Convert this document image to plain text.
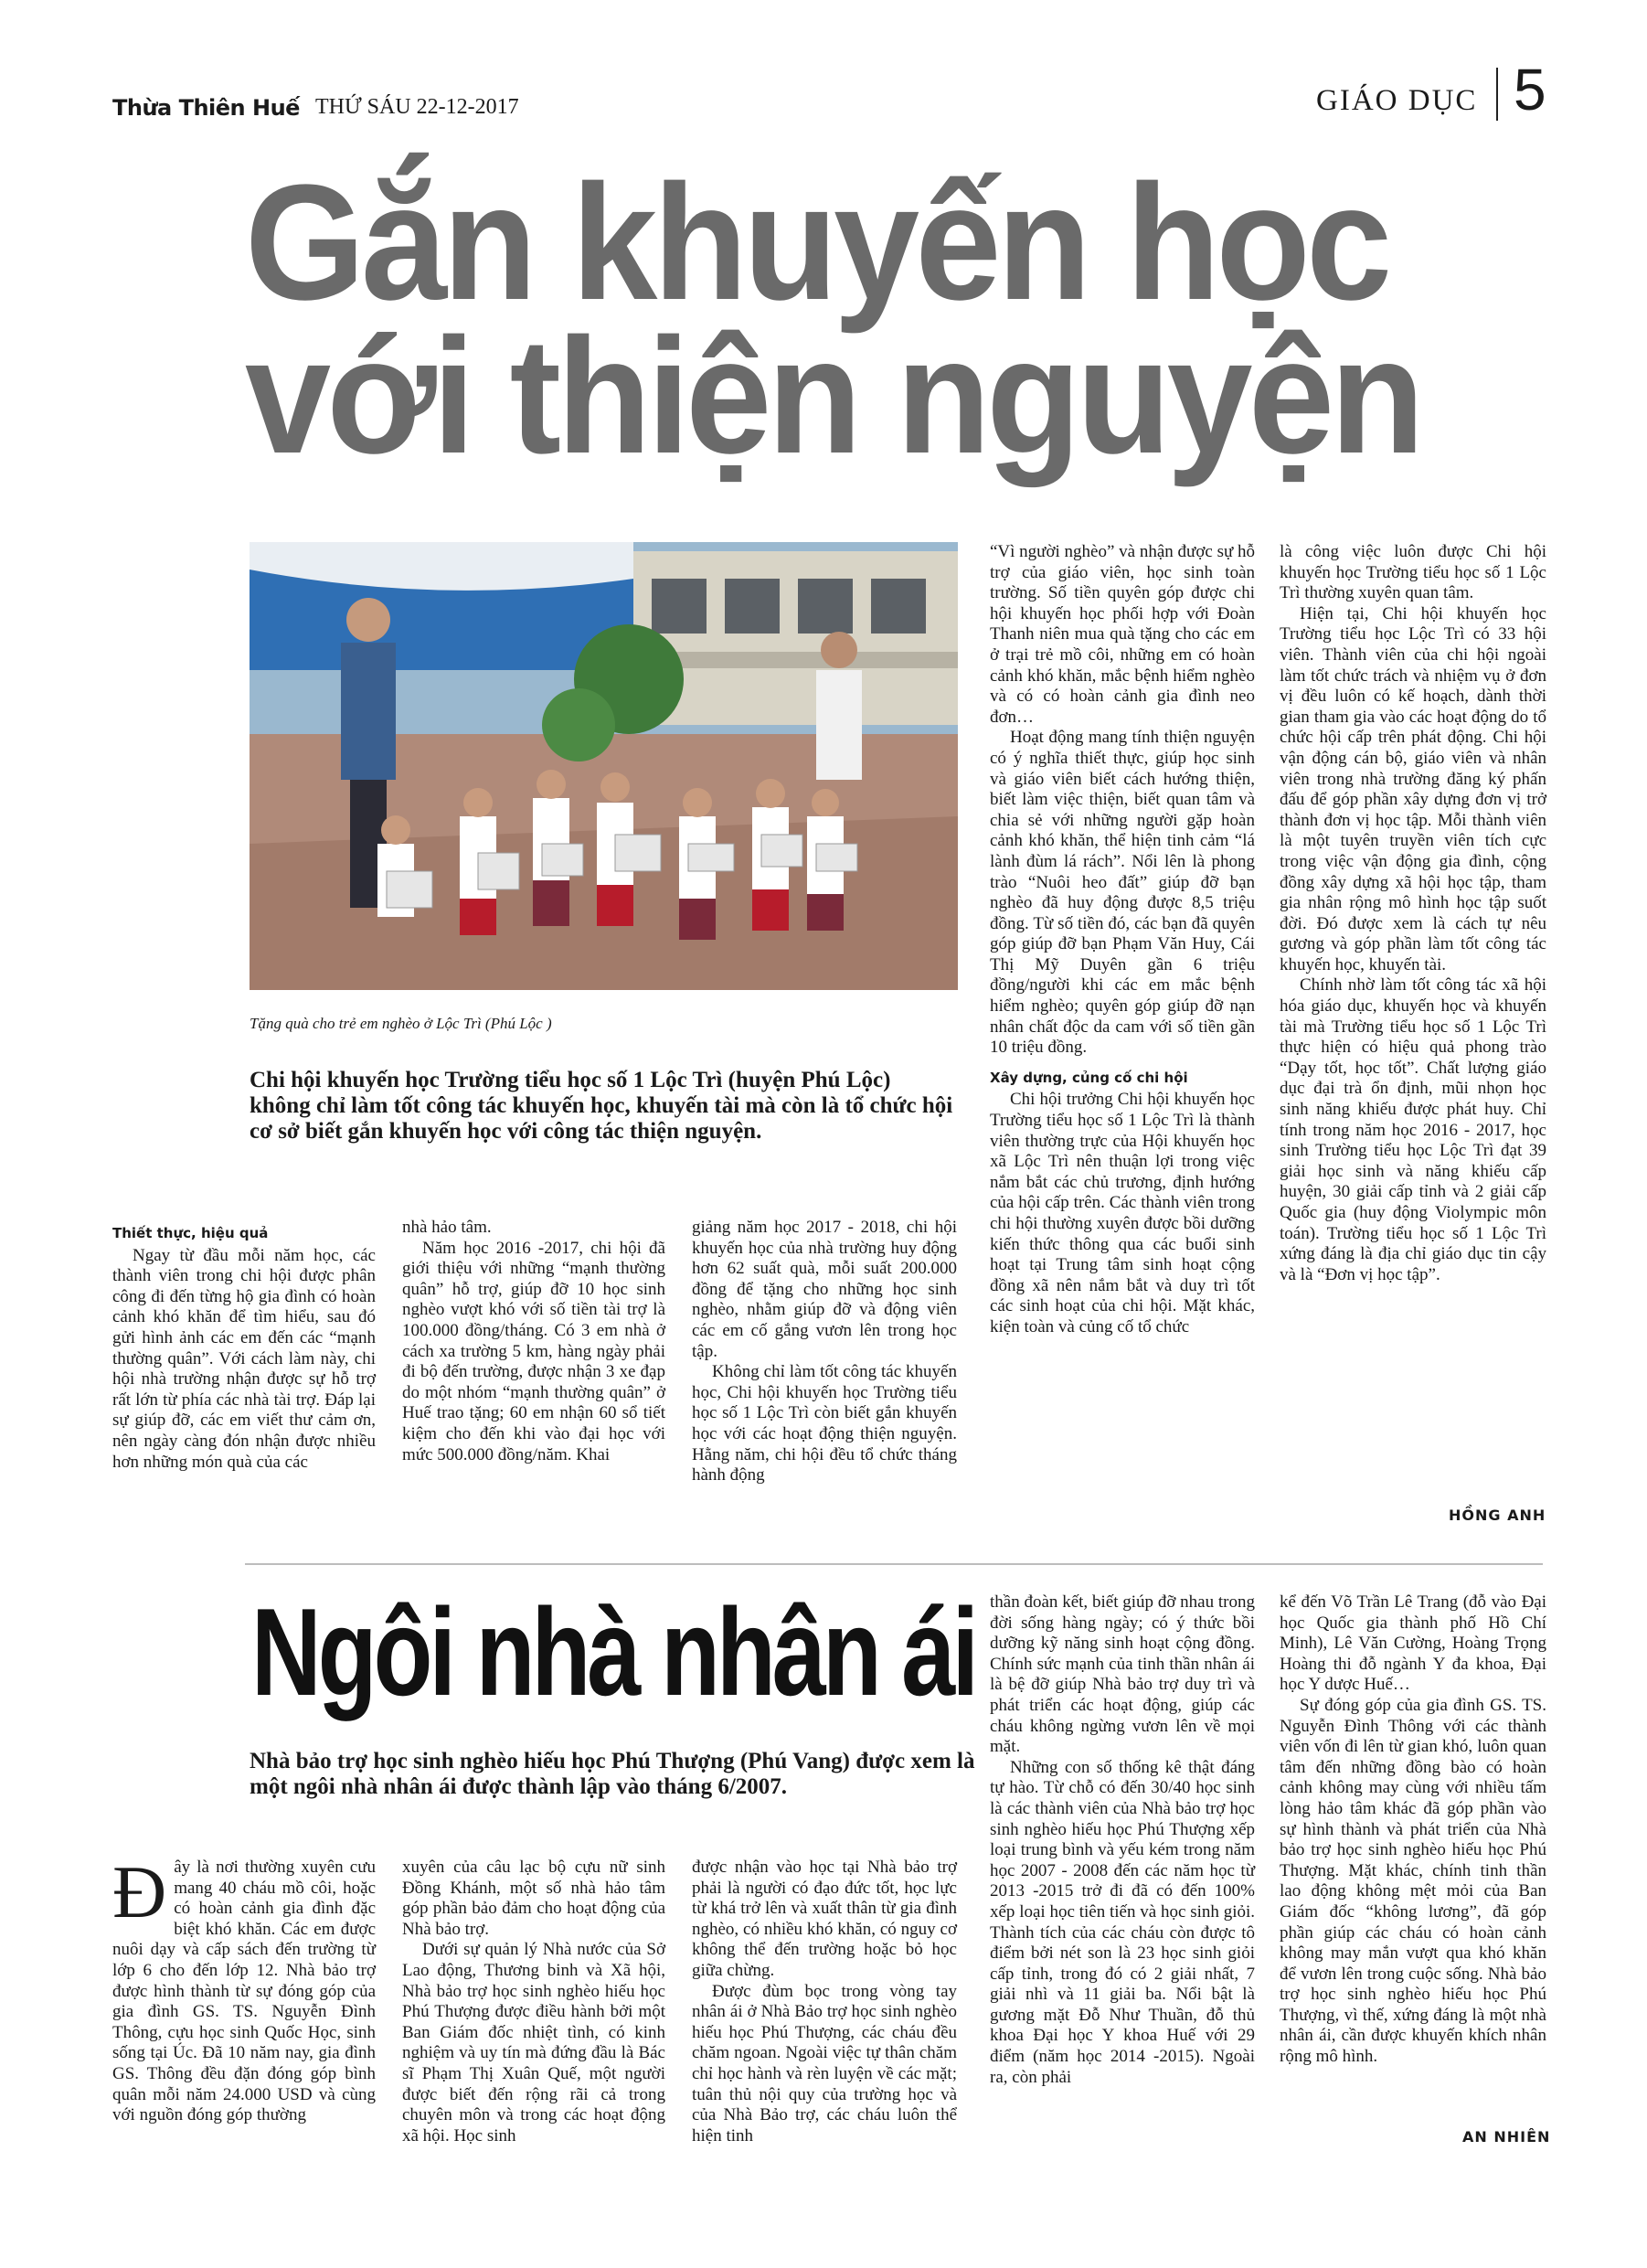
Thừa Thiên Huế THỨ SÁU 22-12-2017	GIÁO DỤC 5
Gắn khuyến học
với thiện nguyện
Tặng quà cho trẻ em nghèo ở Lộc Trì (Phú Lộc )
Chi hội khuyến học Trường tiểu học số 1 Lộc Trì (huyện Phú Lộc) không chỉ làm tốt công tác khuyến học, khuyến tài mà còn là tổ chức hội cơ sở biết gắn khuyến học với công tác thiện nguyện.
Thiết thực, hiệu quả

Ngay từ đầu mỗi năm học, các thành viên trong chi hội được phân công đi đến từng hộ gia đình có hoàn cảnh khó khăn để tìm hiểu, sau đó gửi hình ảnh các em đến các “mạnh thường quân”. Với cách làm này, chi hội nhà trường nhận được sự hỗ trợ rất lớn từ phía các nhà tài trợ. Đáp lại sự giúp đỡ, các em viết thư cảm ơn, nên ngày càng đón nhận được nhiều hơn những món quà của các

nhà hảo tâm.

Năm học 2016 -2017, chi hội đã giới thiệu với những “mạnh thường quân” hỗ trợ, giúp đỡ 10 học sinh nghèo vượt khó với số tiền tài trợ là 100.000 đồng/tháng. Có 3 em nhà ở cách xa trường 5 km, hàng ngày phải đi bộ đến trường, được nhận 3 xe đạp do một nhóm “mạnh thường quân” ở Huế trao tặng; 60 em nhận 60 sổ tiết kiệm cho đến khi vào đại học với mức 500.000 đồng/năm. Khai

giảng năm học 2017 - 2018, chi hội khuyến học của nhà trường huy động hơn 62 suất quà, mỗi suất 200.000 đồng để tặng cho những học sinh nghèo, nhằm giúp đỡ và động viên các em cố gắng vươn lên trong học tập.

Không chỉ làm tốt công tác khuyến học, Chi hội khuyến học Trường tiểu học số 1 Lộc Trì còn biết gắn khuyến học với các hoạt động thiện nguyện. Hằng năm, chi hội đều tổ chức tháng hành động

“Vì người nghèo” và nhận được sự hỗ trợ của giáo viên, học sinh toàn trường. Số tiền quyên góp được chi hội khuyến học phối hợp với Đoàn Thanh niên mua quà tặng cho các em ở trại trẻ mồ côi, những em có hoàn cảnh khó khăn, mắc bệnh hiểm nghèo và có có hoàn cảnh gia đình neo đơn…

Hoạt động mang tính thiện nguyện có ý nghĩa thiết thực, giúp học sinh và giáo viên biết cách hướng thiện, biết làm việc thiện, biết quan tâm và chia sẻ với những người gặp hoàn cảnh khó khăn, thể hiện tinh cảm “lá lành đùm lá rách”. Nổi lên là phong trào “Nuôi heo đất” giúp đỡ bạn nghèo đã huy động được 8,5 triệu đồng. Từ số tiền đó, các bạn đã quyên góp giúp đỡ bạn Phạm Văn Huy, Cái Thị Mỹ Duyên gần 6 triệu đồng/người khi các em mắc bệnh hiểm nghèo; quyên góp giúp đỡ nạn nhân chất độc da cam với số tiền gần 10 triệu đồng.

Xây dựng, củng cố chi hội

Chi hội trưởng Chi hội khuyến học Trường tiểu học số 1 Lộc Trì là thành viên thường trực của Hội khuyến học xã Lộc Trì nên thuận lợi trong việc nắm bắt các chủ trương, định hướng của hội cấp trên. Các thành viên trong chi hội thường xuyên được bồi dưỡng kiến thức thông qua các buổi sinh hoạt tại Trung tâm sinh hoạt cộng đồng xã nên nắm bắt và duy trì tốt các sinh hoạt của chi hội. Mặt khác, kiện toàn và củng cố tổ chức

là công việc luôn được Chi hội khuyến học Trường tiểu học số 1 Lộc Trì thường xuyên quan tâm.

Hiện tại, Chi hội khuyến học Trường tiểu học Lộc Trì có 33 hội viên. Thành viên của chi hội ngoài làm tốt chức trách và nhiệm vụ ở đơn vị đều luôn có kế hoạch, dành thời gian tham gia vào các hoạt động do tổ chức hội cấp trên phát động. Chi hội vận động cán bộ, giáo viên và nhân viên trong nhà trường đăng ký phấn đấu để góp phần xây dựng đơn vị trở thành đơn vị học tập. Mỗi thành viên là một tuyên truyền viên tích cực trong việc vận động gia đình, cộng đồng xây dựng xã hội học tập, tham gia nhân rộng mô hình học tập suốt đời. Đó được xem là cách tự nêu gương và góp phần làm tốt công tác khuyến học, khuyến tài.

Chính nhờ làm tốt công tác xã hội hóa giáo dục, khuyến học và khuyến tài mà Trường tiểu học số 1 Lộc Trì thực hiện có hiệu quả phong trào “Dạy tốt, học tốt”. Chất lượng giáo dục đại trà ổn định, mũi nhọn học sinh năng khiếu được phát huy. Chỉ tính trong năm học 2016 - 2017, học sinh Trường tiểu học Lộc Trì đạt 39 giải học sinh và năng khiếu cấp huyện, 30 giải cấp tỉnh và 2 giải cấp Quốc gia (huy động Violympic môn toán). Trường tiểu học số 1 Lộc Trì xứng đáng là địa chỉ giáo dục tin cậy và là “Đơn vị học tập”.

HỒNG ANH
Ngôi nhà nhân ái
Nhà bảo trợ học sinh nghèo hiếu học Phú Thượng (Phú Vang) được xem là một ngôi nhà nhân ái được thành lập vào tháng 6/2007.
Đây là nơi thường xuyên cưu mang 40 cháu mồ côi, hoặc có hoàn cảnh gia đình đặc biệt khó khăn. Các em được nuôi dạy và cấp sách đến trường từ lớp 6 cho đến lớp 12. Nhà bảo trợ được hình thành từ sự đóng góp của gia đình GS. TS. Nguyễn Đình Thông, cựu học sinh Quốc Học, sinh sống tại Úc. Đã 10 năm nay, gia đình GS. Thông đều đặn đóng góp bình quân mỗi năm 24.000 USD và cùng với nguồn đóng góp thường

xuyên của câu lạc bộ cựu nữ sinh Đồng Khánh, một số nhà hảo tâm góp phần bảo đảm cho hoạt động của Nhà bảo trợ.

Dưới sự quản lý Nhà nước của Sở Lao động, Thương binh và Xã hội, Nhà bảo trợ học sinh nghèo hiếu học Phú Thượng được điều hành bởi một Ban Giám đốc nhiệt tình, có kinh nghiệm và uy tín mà đứng đầu là Bác sĩ Phạm Thị Xuân Quế, một người được biết đến rộng rãi cả trong chuyên môn và trong các hoạt động xã hội. Học sinh

được nhận vào học tại Nhà bảo trợ phải là người có đạo đức tốt, học lực từ khá trở lên và xuất thân từ gia đình nghèo, có nhiều khó khăn, có nguy cơ không thể đến trường hoặc bỏ học giữa chừng.

Được đùm bọc trong vòng tay nhân ái ở Nhà Bảo trợ học sinh nghèo hiếu học Phú Thượng, các cháu đều chăm ngoan. Ngoài việc tự thân chăm chỉ học hành và rèn luyện về các mặt; tuân thủ nội quy của trường học và của Nhà Bảo trợ, các cháu luôn thể hiện tinh

thần đoàn kết, biết giúp đỡ nhau trong đời sống hàng ngày; có ý thức bồi dưỡng kỹ năng sinh hoạt cộng đồng. Chính sức mạnh của tinh thần nhân ái là bệ đỡ giúp Nhà bảo trợ duy trì và phát triển các hoạt động, giúp các cháu không ngừng vươn lên về mọi mặt.

Những con số thống kê thật đáng tự hào. Từ chỗ có đến 30/40 học sinh là các thành viên của Nhà bảo trợ học sinh nghèo hiếu học Phú Thượng xếp loại trung bình và yếu kém trong năm học 2007 - 2008 đến các năm học từ 2013 -2015 trở đi đã có đến 100% xếp loại học tiên tiến và học sinh giỏi. Thành tích của các cháu còn được tô điểm bởi nét son là 23 học sinh giỏi cấp tỉnh, trong đó có 2 giải nhất, 7 giải nhì và 11 giải ba. Nổi bật là gương mặt Đỗ Như Thuần, đỗ thủ khoa Đại học Y khoa Huế với 29 điểm (năm học 2014 -2015). Ngoài ra, còn phải

kể đến Võ Trần Lê Trang (đỗ vào Đại học Quốc gia thành phố Hồ Chí Minh), Lê Văn Cường, Hoàng Trọng Hoàng thi đỗ ngành Y đa khoa, Đại học Y dược Huế…

Sự đóng góp của gia đình GS. TS. Nguyễn Đình Thông với các thành viên vốn đi lên từ gian khó, luôn quan tâm đến những đồng bào có hoàn cảnh không may cùng với nhiều tấm lòng hảo tâm khác đã góp phần vào sự hình thành và phát triển của Nhà bảo trợ học sinh nghèo hiếu học Phú Thượng. Mặt khác, chính tinh thần lao động không mệt mỏi của Ban Giám đốc “không lương”, đã góp phần giúp các cháu có hoàn cảnh không may mắn vượt qua khó khăn để vươn lên trong cuộc sống. Nhà bảo trợ học sinh nghèo hiếu học Phú Thượng, vì thế, xứng đáng là một nhà nhân ái, cần được khuyến khích nhân rộng mô hình.

AN NHIÊN
